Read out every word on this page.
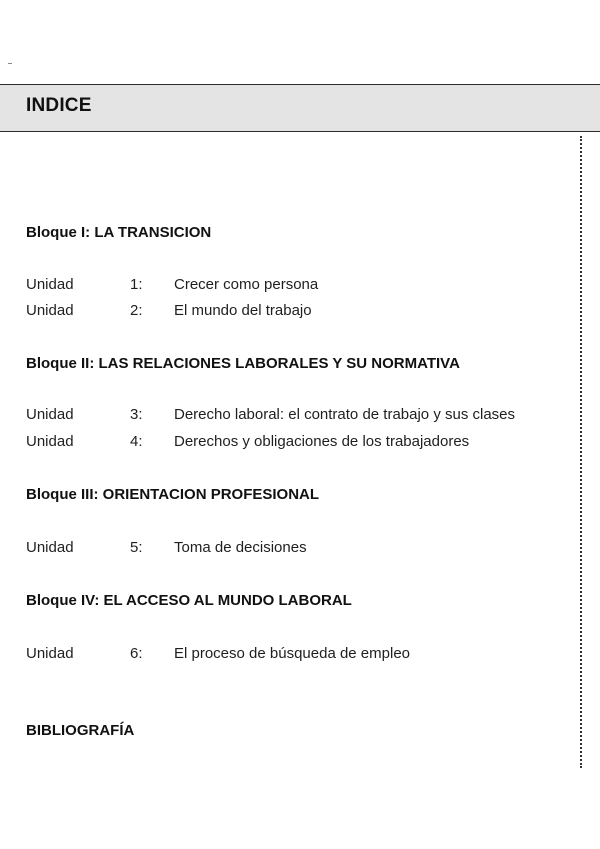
INDICE
Bloque I: LA TRANSICION
Unidad	1:	Crecer como persona
Unidad	2:	El mundo del trabajo
Bloque II: LAS RELACIONES LABORALES Y SU NORMATIVA
Unidad	3:	Derecho laboral: el contrato de trabajo y sus clases
Unidad	4:	Derechos y obligaciones de los trabajadores
Bloque III: ORIENTACION PROFESIONAL
Unidad	5:	Toma de decisiones
Bloque IV: EL ACCESO AL MUNDO LABORAL
Unidad	6:	El proceso de búsqueda de empleo
BIBLIOGRAFÍA
